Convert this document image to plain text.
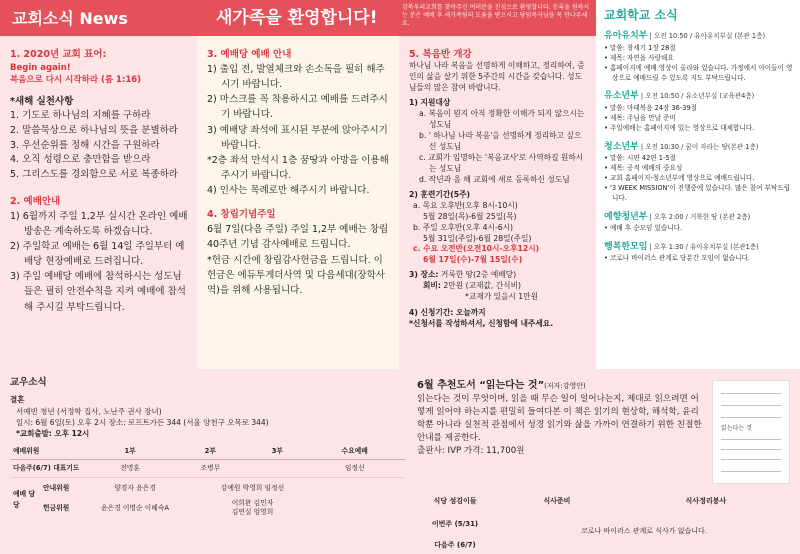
교회소식 News	새가족을 환영합니다!
강북우리교회를 찾아주신 여러분을 진심으로 환영합니다. 등록을 원하시는 분은 예배 후 새가족팀의 도움을 받으시고 담임목사님을 꼭 만나주세요.
1. 2020년 교회 표어:
Begin again!
복음으로 다시 시작하라 (롬 1:16)
*새해 실천사항
1. 기도로 하나님의 지혜를 구하라
2. 말씀묵상으로 하나님의 뜻을 분별하라
3. 우선순위를 정해 시간을 구원하라
4. 오직 성령으로 충만함을 받으라
5. 그리스도를 경외함으로 서로 복종하라
2. 예배안내
1) 6월까지 주일 1,2부 실시간 온라인 예배 방송은 계속하도록 하겠습니다.
2) 주일학교 예배는 6월 14일 주일부터 예배당 현장예배로 드려집니다.
3) 주일 예배당 예배에 참석하시는 성도님들은 필히 안전수칙을 지켜 예배에 참석해 주시길 부탁드립니다.
3. 예배당 예배 안내
1) 출입 전, 발열체크와 손소독을 필히 해주시기 바랍니다.
2) 마스크를 꼭 착용하시고 예배를 드려주시기 바랍니다.
3) 예배당 좌석에 표시된 부분에 앉아주시기 바랍니다.
*2층 좌석 만석시 1층 꿈땅과 아망을 이용해주시기 바랍니다.
4) 인사는 목례로만 해주시기 바랍니다.
4. 창립기념주일
6월 7일(다음 주일) 주일 1,2부 예배는 창립 40주년 기념 감사예배로 드립니다.
*헌금 시간에 창립감사헌금을 드립니다. 이 헌금은 에듀투게더사역 및 다음세대(장학사역)을 위해 사용됩니다.
5. 복음반 개강
하나님 나라 복음을 선명하게 이해하고, 정리하여, 증인의 삶을 살기 위한 5주간의 시간을 갖습니다. 성도님들의 많은 참여 바랍니다.
1) 지원대상
a. 복음이 뭔지 아직 정확한 이해가 되지 않으시는 성도님
b. ' 하나님 나라 복음'을 선명하게 정리하고 싶으신 성도님
c. 교회가 임명하는 '복음교사'로 사역하길 원하시는 성도님
d. 작년과 올 해 교회에 새로 등록하신 성도님
2) 훈련기간(5주)
a. 목요 오후반(오후 8시-10시)
5월 28일(목)-6월 25일(목)
b. 주일 오후반(오후 4시-6시)
5월 31일(주일)-6월 28일(주일)
c. 수요 오전반(오전10시-오후12시)
6월 17일(수)-7월 15일(수)
3) 장소: 거룩한 땅(2층 예배당)
회비: 2만원 (교재값, 간식비)
*교재가 있을시 1만원
4) 신청기간: 오늘까지
*신청서를 작성하셔서, 신청함에 내주세요.
교회학교 소식
유아유치부 | 오전 10:50 / 유아유치부실 (본관 1층)
• 말씀: 창세기 1장 28절
• 제목: 자연을 사랑해요
• 홈페이지에 예배 영상이 올라와 있습니다. 가정에서 아이들이 영상으로 예배드릴 수 있도록 지도 부탁드립니다.
유소년부 | 오전 10:50 / 유소년부실 (교육관4층)
• 말씀: 마태복음 24장 36-39절
• 제목: 주님을 만날 준비
• 주일예배는 홈페이지에 있는 영상으로 대체합니다.
청소년부 | 오전 10:30 / 꿈이 자라는 땅(본관 1층)
• 말씀: 시편 42편 1-5절
• 제목: 공적 예배의 중요성
• 교회 홈페이지-청소년부에 영상으로 예배드립니다.
• '3 WEEK MISSION'이 진행중에 있습니다. 많은 참여 부탁드립니다.
예향청년부 | 오후 2:00 / 거룩한 땅 (본관 2층)
• 예배 후 순모임 있습니다.
행복한모임 | 오후 1:30 / 유아유치부실 (본관1층)
• 코로나 바이러스 관계로 당분간 모임이 없습니다.
교우소식
결혼
서예빈 청년 (서정학 집사, 노난주 권사 장녀)
일시: 6월 6일(토) 오후 2시 장소: 로프트가든 344 (서울 양천구 오목로 344)
*교회출발: 오후 12시
예배위원	1부	2부	3부	수요예배
다음주(6/7) 대표기도	전명훈	조병무		임정선
예배 담당	안내위원	양경자 윤은경	강예원 박영희 임정선	
	헌금위원	윤은경 이명순 이혜숙A	이희완 김민자
김연실 엄영희	

6월 추천도서 “읽는다는 것”(저자:강영안)
읽는다는 것이 무엇이며, 읽을 때 무슨 일이 일어나는지, 제대로 읽으려면 어떻게 읽어야 하는지를 편밀히 들여다본 이 책은 읽기의 현상학, 해석학, 윤리학뿐 아니라 실천적 관점에서 성경 읽기와 삶을 가까이 연결하기 위한 친절한 안내를 제공한다.
출판사: IVP 가격: 11,700원
읽는다는 것
식당 섬김이들	식사준비	식사정리봉사
이번주 (5/31)	코로나 바이러스 관계로 식사가 없습니다.	
다음주 (6/7)		
